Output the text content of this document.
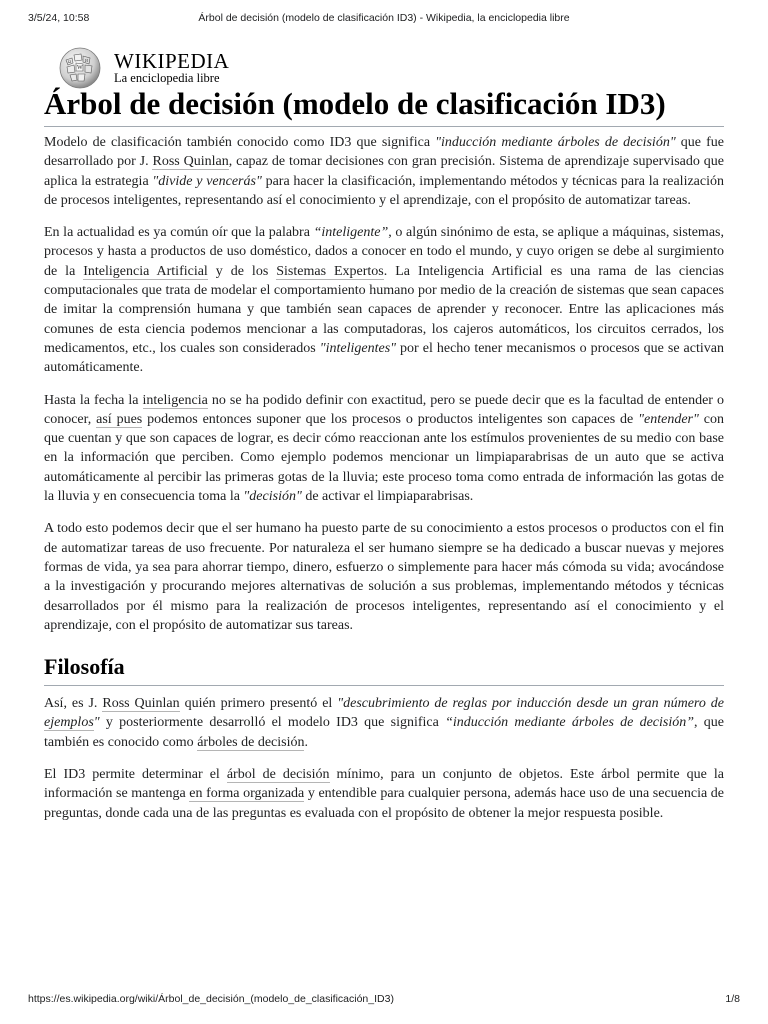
3/5/24, 10:58	Árbol de decisión (modelo de clasificación ID3) - Wikipedia, la enciclopedia libre
W
Ω	И WIKIPEDIA
La enciclopedia libre
Árbol de decisión (modelo de clasificación ID3)

Modelo de clasificación también conocido como ID3 que significa "inducción mediante árboles de decisión" que fue desarrollado por J. Ross Quinlan, capaz de tomar decisiones con gran precisión. Sistema de aprendizaje supervisado que aplica la estrategia "divide y vencerás" para hacer la clasificación, implementando métodos y técnicas para la realización de procesos inteligentes, representando así el conocimiento y el aprendizaje, con el propósito de automatizar tareas.

En la actualidad es ya común oír que la palabra “inteligente”, o algún sinónimo de esta, se aplique a máquinas, sistemas, procesos y hasta a productos de uso doméstico, dados a conocer en todo el mundo, y cuyo origen se debe al surgimiento de la Inteligencia Artificial y de los Sistemas Expertos. La Inteligencia Artificial es una rama de las ciencias computacionales que trata de modelar el comportamiento humano por medio de la creación de sistemas que sean capaces de imitar la comprensión humana y que también sean capaces de aprender y reconocer. Entre las aplicaciones más comunes de esta ciencia podemos mencionar a las computadoras, los cajeros automáticos, los circuitos cerrados, los medicamentos, etc., los cuales son considerados "inteligentes" por el hecho tener mecanismos o procesos que se activan automáticamente.

Hasta la fecha la inteligencia no se ha podido definir con exactitud, pero se puede decir que es la facultad de entender o conocer, así pues podemos entonces suponer que los procesos o productos inteligentes son capaces de "entender" con que cuentan y que son capaces de lograr, es decir cómo reaccionan ante los estímulos provenientes de su medio con base en la información que perciben. Como ejemplo podemos mencionar un limpiaparabrisas de un auto que se activa automáticamente al percibir las primeras gotas de la lluvia; este proceso toma como entrada de información las gotas de la lluvia y en consecuencia toma la "decisión" de activar el limpiaparabrisas.

A todo esto podemos decir que el ser humano ha puesto parte de su conocimiento a estos procesos o productos con el fin de automatizar tareas de uso frecuente. Por naturaleza el ser humano siempre se ha dedicado a buscar nuevas y mejores formas de vida, ya sea para ahorrar tiempo, dinero, esfuerzo o simplemente para hacer más cómoda su vida; avocándose a la investigación y procurando mejores alternativas de solución a sus problemas, implementando métodos y técnicas desarrollados por él mismo para la realización de procesos inteligentes, representando así el conocimiento y el aprendizaje, con el propósito de automatizar sus tareas.

Filosofía

Así, es J. Ross Quinlan quién primero presentó el "descubrimiento de reglas por inducción desde un gran número de ejemplos" y posteriormente desarrolló el modelo ID3 que significa “inducción mediante árboles de decisión”, que también es conocido como árboles de decisión.

El ID3 permite determinar el árbol de decisión mínimo, para un conjunto de objetos. Este árbol permite que la información se mantenga en forma organizada y entendible para cualquier persona, además hace uso de una secuencia de preguntas, donde cada una de las preguntas es evaluada con el propósito de obtener la mejor respuesta posible.

https://es.wikipedia.org/wiki/Árbol_de_decisión_(modelo_de_clasificación_ID3)	1/8
